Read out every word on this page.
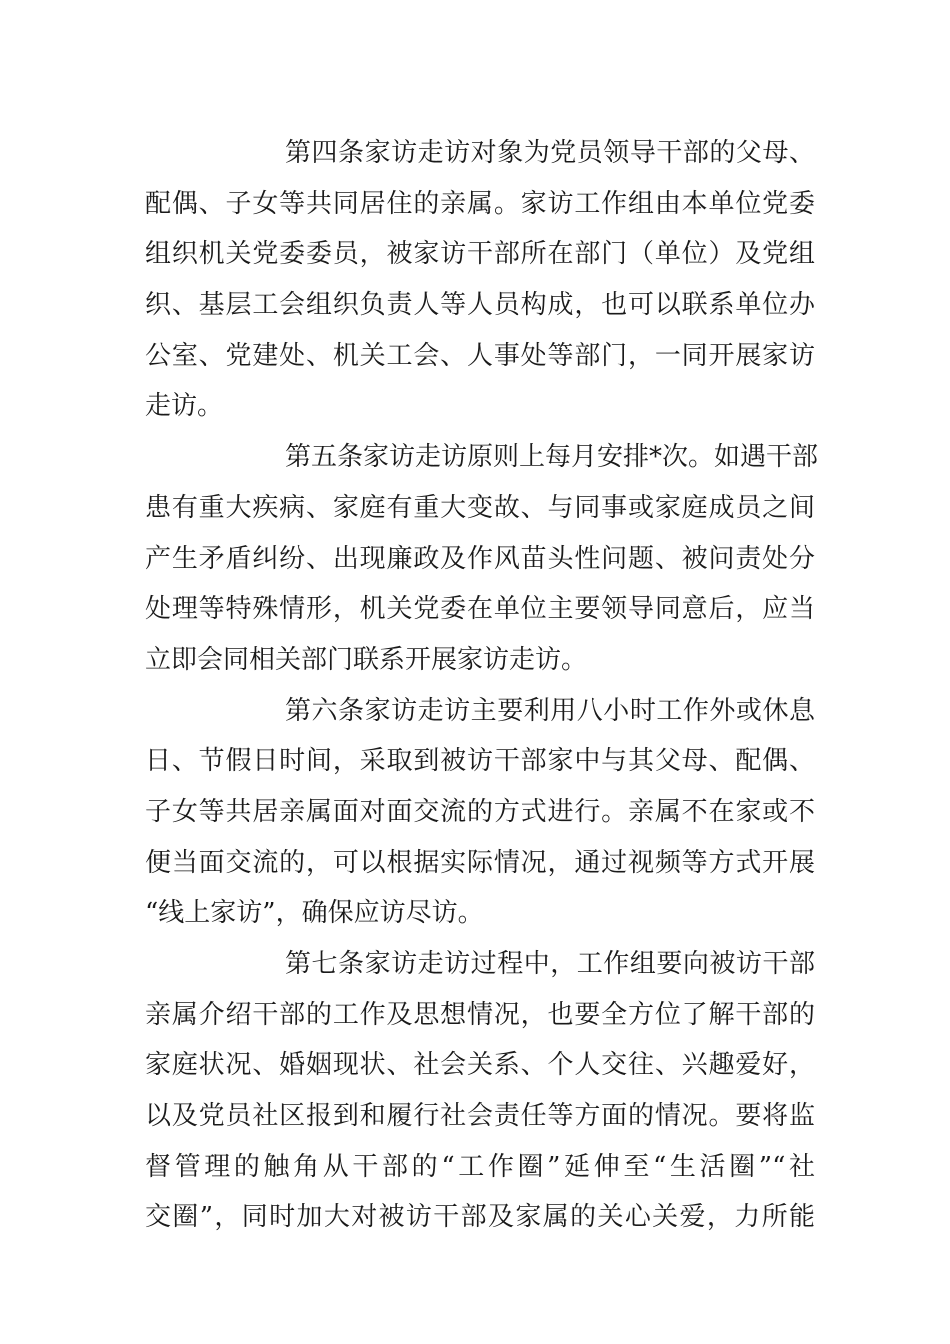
第四条家访走访对象为党员领导干部的父母、
配偶、子女等共同居住的亲属。家访工作组由本单位党委
组织机关党委委员，被家访干部所在部门（单位）及党组
织、基层工会组织负责人等人员构成，也可以联系单位办
公室、党建处、机关工会、人事处等部门，一同开展家访
走访。
第五条家访走访原则上每月安排*次。如遇干部
患有重大疾病、家庭有重大变故、与同事或家庭成员之间
产生矛盾纠纷、出现廉政及作风苗头性问题、被问责处分
处理等特殊情形，机关党委在单位主要领导同意后，应当
立即会同相关部门联系开展家访走访。
第六条家访走访主要利用八小时工作外或休息
日、节假日时间，采取到被访干部家中与其父母、配偶、
子女等共居亲属面对面交流的方式进行。亲属不在家或不
便当面交流的，可以根据实际情况，通过视频等方式开展
“线上家访”，确保应访尽访。
第七条家访走访过程中，工作组要向被访干部
亲属介绍干部的工作及思想情况，也要全方位了解干部的
家庭状况、婚姻现状、社会关系、个人交往、兴趣爱好，
以及党员社区报到和履行社会责任等方面的情况。要将监
督管理的触角从干部的“工作圈”延伸至“生活圈”“社
交圈”，同时加大对被访干部及家属的关心关爱，力所能
